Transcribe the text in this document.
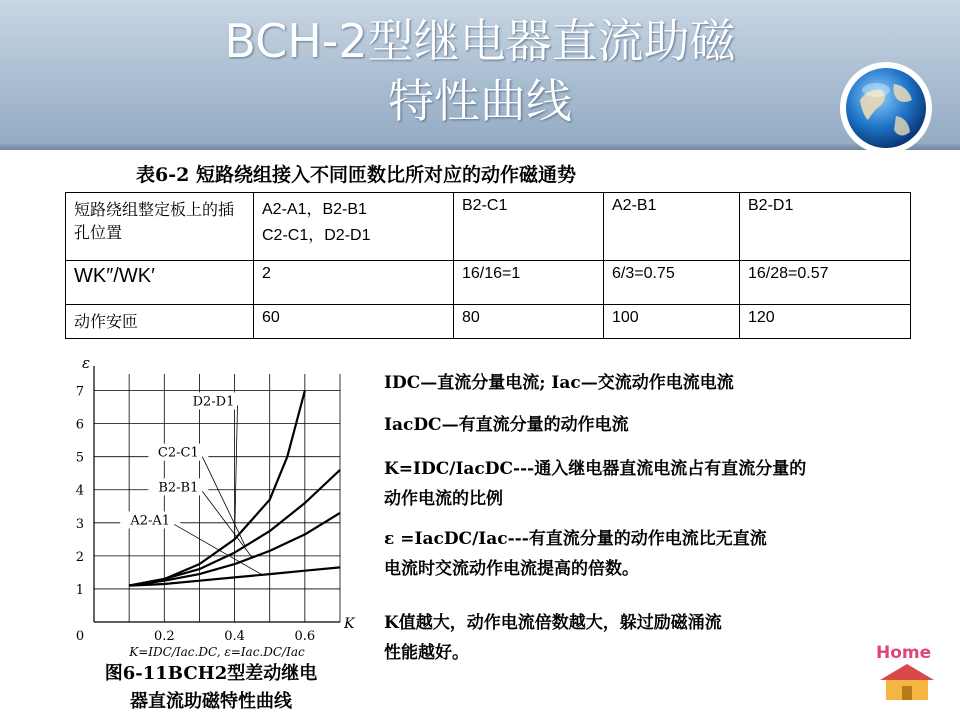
BCH-2型继电器直流助磁
特性曲线
表6-2 短路绕组接入不同匝数比所对应的动作磁通势
短路绕组整定板上的插孔位置	A2-A1，B2-B1
C2-C1，D2-D1	B2-C1	A2-B1	B2-D1
WK″/WK′	2	16/16=1	6/3=0.75	16/28=0.57
动作安匝	60	80	100	120
1
2
3
4
5
6
7
0	0.2	0.4	0.6
ε
K
K=IDC/Iac.DC, ε=Iac.DC/Iac
D2-D1
C2-C1
B2-B1
A2-A1
图6-11BCH2型差动继电
器直流助磁特性曲线
IDC—直流分量电流; Iac—交流动作电流电流
IacDC—有直流分量的动作电流
K=IDC/IacDC---通入继电器直流电流占有直流分量的
动作电流的比例
ε =IacDC/Iac---有直流分量的动作电流比无直流
电流时交流动作电流提高的倍数。
K值越大，动作电流倍数越大，躲过励磁涌流
性能越好。	Home
